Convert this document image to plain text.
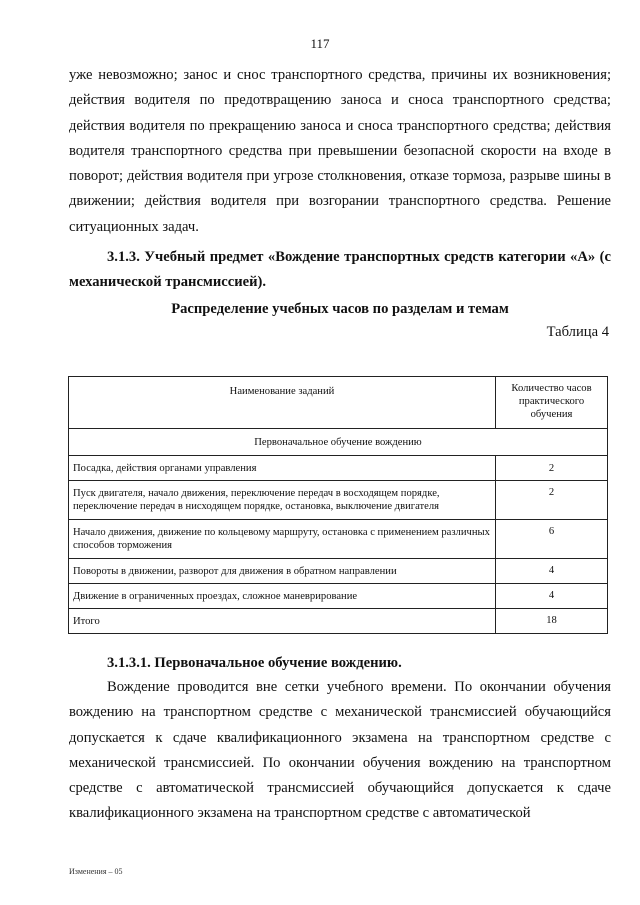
117

уже невозможно; занос и снос транспортного средства, причины их возникновения; действия водителя по предотвращению заноса и сноса транспортного средства; действия водителя по прекращению заноса и сноса транспортного средства; действия водителя транспортного средства при превышении безопасной скорости на входе в поворот; действия водителя при угрозе столкновения, отказе тормоза, разрыве шины в движении; действия водителя при возгорании транспортного средства. Решение ситуационных задач.

3.1.3. Учебный предмет «Вождение транспортных средств категории «А» (с механической трансмиссией).

Распределение учебных часов по разделам и темам

Таблица 4

Наименование заданий	Количество часов практического обучения
Первоначальное обучение вождению	
Посадка, действия органами управления	2
Пуск двигателя, начало движения, переключение передач в восходящем порядке, переключение передач в нисходящем порядке, остановка, выключение двигателя	2
Начало движения, движение по кольцевому маршруту, остановка с применением различных способов торможения	6
Повороты в движении, разворот для движения в обратном направлении	4
Движение в ограниченных проездах, сложное маневрирование	4
Итого	18

3.1.3.1. Первоначальное обучение вождению.

Вождение проводится вне сетки учебного времени. По окончании обучения вождению на транспортном средстве с механической трансмиссией обучающийся допускается к сдаче квалификационного экзамена на транспортном средстве с механической трансмиссией. По окончании обучения вождению на транспортном средстве с автоматической трансмиссией обучающийся допускается к сдаче квалификационного экзамена на транспортном средстве с автоматической

Изменения – 05
